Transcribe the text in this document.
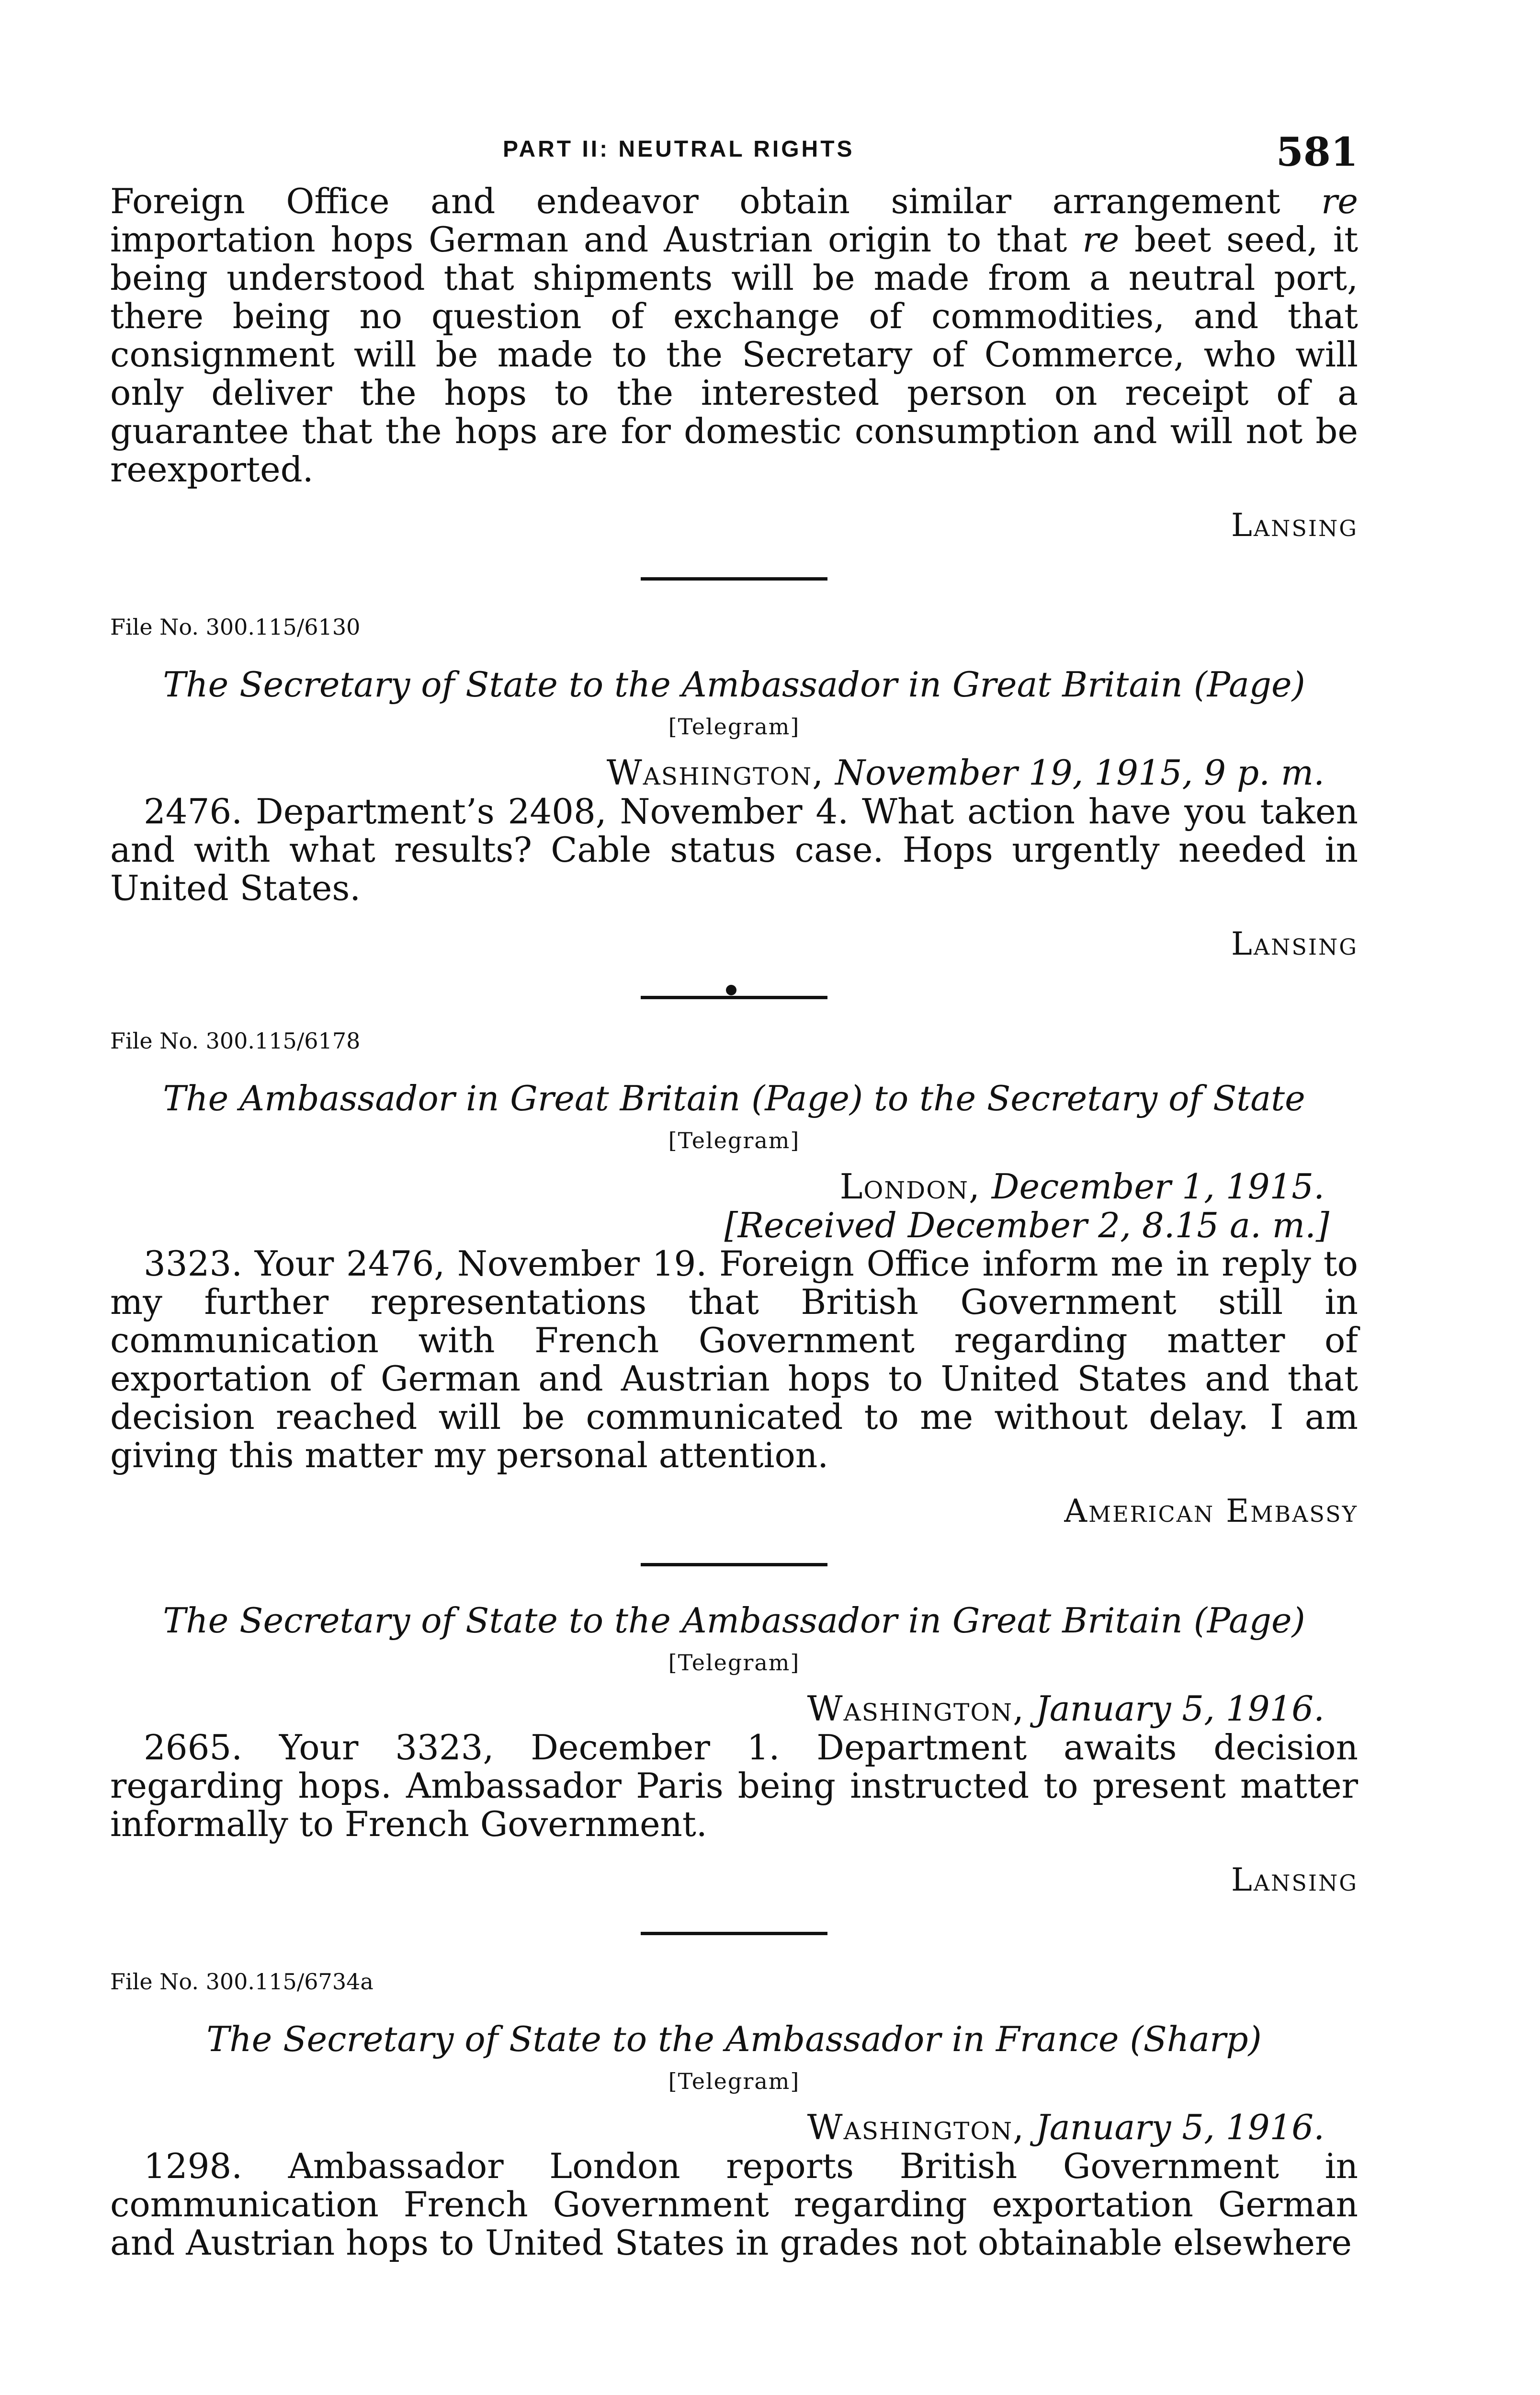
PART II: NEUTRAL RIGHTS	581

Foreign Office and endeavor obtain similar arrangement re importation hops German and Austrian origin to that re beet seed, it being understood that shipments will be made from a neutral port, there being no question of exchange of commodities, and that consignment will be made to the Secretary of Commerce, who will only deliver the hops to the interested person on receipt of a guarantee that the hops are for domestic consumption and will not be reexported.

Lansing
File No. 300.115/6130
The Secretary of State to the Ambassador in Great Britain (Page)
[Telegram]
Washington, November 19, 1915, 9 p. m.

2476. Department’s 2408, November 4. What action have you taken and with what results? Cable status case. Hops urgently needed in United States.

Lansing
File No. 300.115/6178
The Ambassador in Great Britain (Page) to the Secretary of State
[Telegram]
London, December 1, 1915.
[Received December 2, 8.15 a. m.]

3323. Your 2476, November 19. Foreign Office inform me in reply to my further representations that British Government still in communication with French Government regarding matter of exportation of German and Austrian hops to United States and that decision reached will be communicated to me without delay. I am giving this matter my personal attention.

American Embassy
The Secretary of State to the Ambassador in Great Britain (Page)
[Telegram]
Washington, January 5, 1916.

2665. Your 3323, December 1. Department awaits decision regarding hops. Ambassador Paris being instructed to present matter informally to French Government.

Lansing
File No. 300.115/6734a
The Secretary of State to the Ambassador in France (Sharp)
[Telegram]
Washington, January 5, 1916.

1298. Ambassador London reports British Government in communication French Government regarding exportation German and Austrian hops to United States in grades not obtainable elsewhere
